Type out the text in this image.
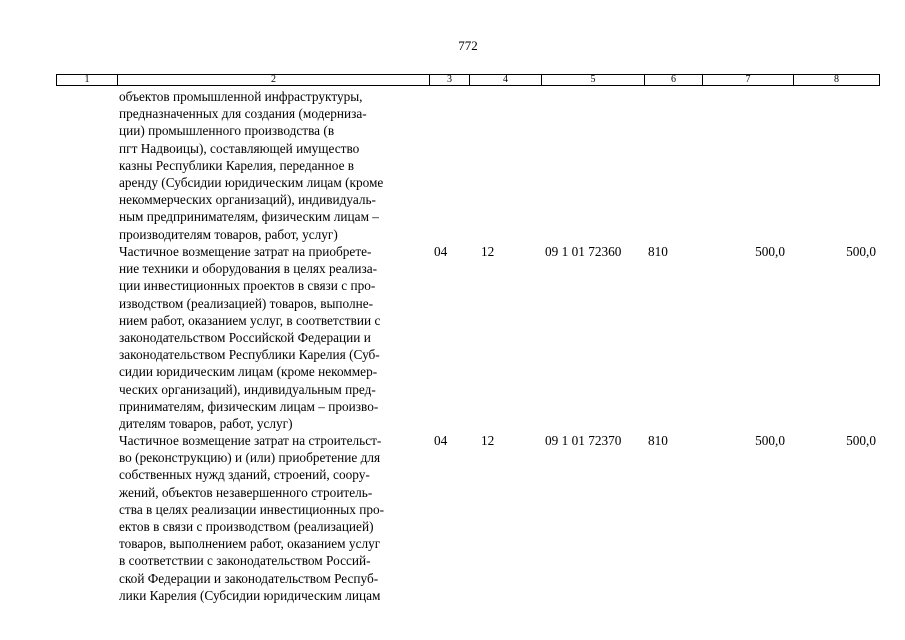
772
1	2	3	4	5	6	7	8
объектов промышленной инфраструктуры,
предназначенных для создания (модерниза-
ции) промышленного производства (в
пгт Надвоицы), составляющей имущество
казны Республики Карелия, переданное в
аренду (Субсидии юридическим лицам (кроме
некоммерческих организаций), индивидуаль-
ным предпринимателям, физическим лицам –
производителям товаров, работ, услуг)
Частичное возмещение затрат на приобрете-
ние техники и оборудования в целях реализа-
ции инвестиционных проектов в связи с про-
изводством (реализацией) товаров, выполне-
нием работ, оказанием услуг, в соответствии с
законодательством Российской Федерации и
законодательством Республики Карелия (Суб-
сидии юридическим лицам (кроме некоммер-
ческих организаций), индивидуальным пред-
принимателям, физическим лицам – произво-
дителям товаров, работ, услуг)
04	12	09 1 01 72360 810	500,0	500,0
Частичное возмещение затрат на строительст-
во (реконструкцию) и (или) приобретение для
собственных нужд зданий, строений, соору-
жений, объектов незавершенного строитель-
ства в целях реализации инвестиционных про-
ектов в связи с производством (реализацией)
товаров, выполнением работ, оказанием услуг
в соответствии с законодательством Россий-
ской Федерации и законодательством Респуб-
лики Карелия (Субсидии юридическим лицам
04	12	09 1 01 72370 810	500,0	500,0
